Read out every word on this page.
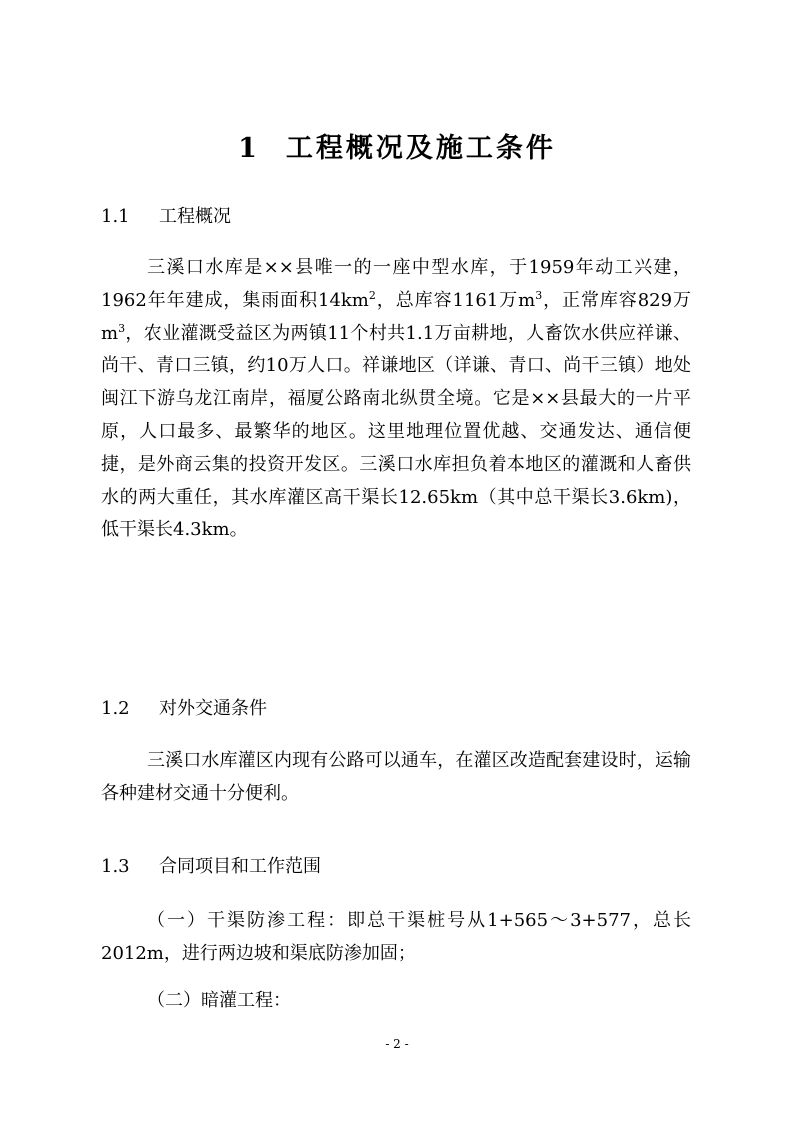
1 工程概况及施工条件
1.1 工程概况

三溪口水库是××县唯一的一座中型水库，于1959年动工兴建，1962年年建成，集雨面积$14km^2$，总库容1161万$m^3$，正常库容829万$m^3$，农业灌溉受益区为两镇11个村共1.1万亩耕地，人畜饮水供应祥谦、尚干、青口三镇，约10万人口。祥谦地区（详谦、青口、尚干三镇）地处闽江下游乌龙江南岸，福厦公路南北纵贯全境。它是××县最大的一片平原，人口最多、最繁华的地区。这里地理位置优越、交通发达、通信便捷，是外商云集的投资开发区。三溪口水库担负着本地区的灌溉和人畜供水的两大重任，其水库灌区高干渠长12.65km（其中总干渠长3.6km)，低干渠长4.3km。

1.2 对外交通条件

三溪口水库灌区内现有公路可以通车，在灌区改造配套建设时，运输各种建材交通十分便利。

1.3 合同项目和工作范围

（一）干渠防渗工程：即总干渠桩号从1+565～3+577，总长2012m，进行两边坡和渠底防渗加固；

（二）暗灌工程：

- 2 -
